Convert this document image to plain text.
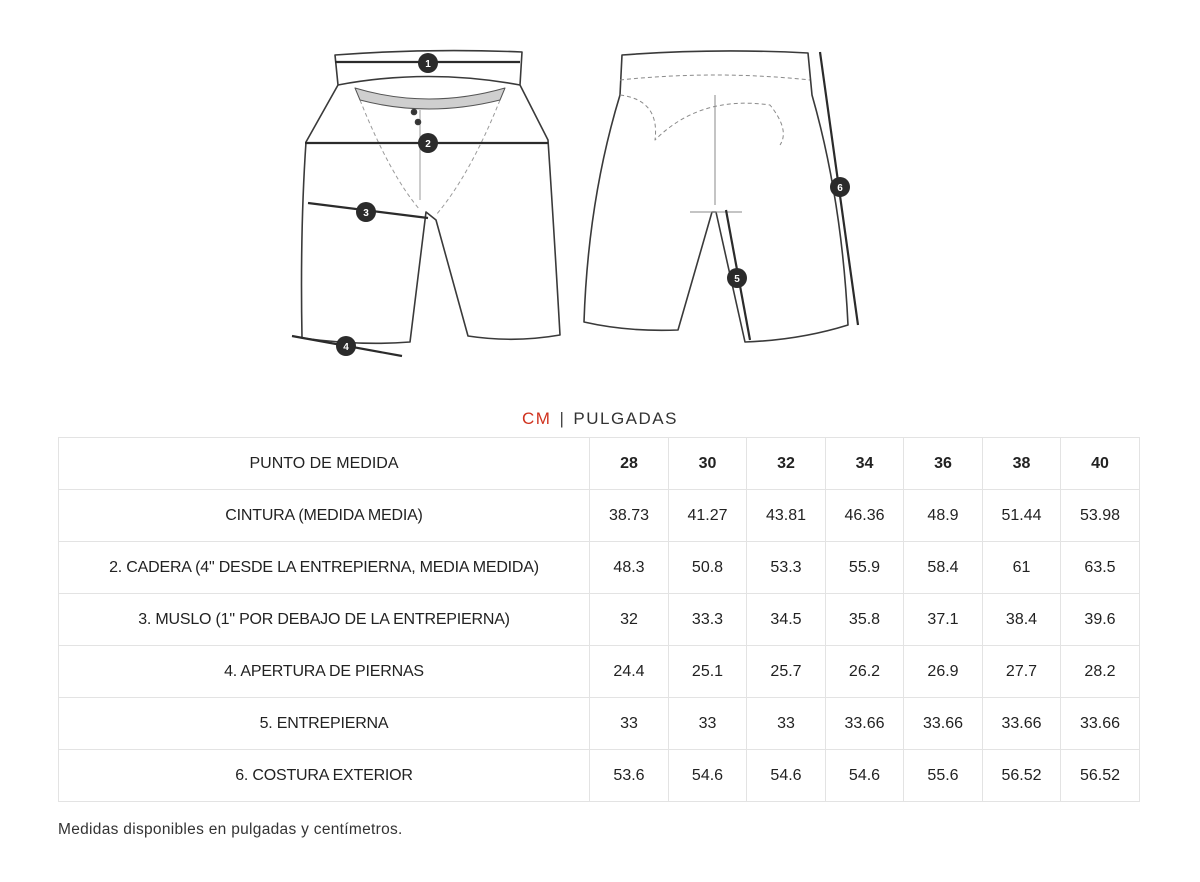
1
2
3
4
5
6
CM | PULGADAS
PUNTO DE MEDIDA	28	30	32	34	36	38	40
CINTURA (MEDIDA MEDIA)	38.73	41.27	43.81	46.36	48.9	51.44	53.98
2. CADERA (4" DESDE LA ENTREPIERNA, MEDIA MEDIDA)	48.3	50.8	53.3	55.9	58.4	61	63.5
3. MUSLO (1" POR DEBAJO DE LA ENTREPIERNA)	32	33.3	34.5	35.8	37.1	38.4	39.6
4. APERTURA DE PIERNAS	24.4	25.1	25.7	26.2	26.9	27.7	28.2
5. ENTREPIERNA	33	33	33	33.66	33.66	33.66	33.66
6. COSTURA EXTERIOR	53.6	54.6	54.6	54.6	55.6	56.52	56.52
Medidas disponibles en pulgadas y centímetros.
